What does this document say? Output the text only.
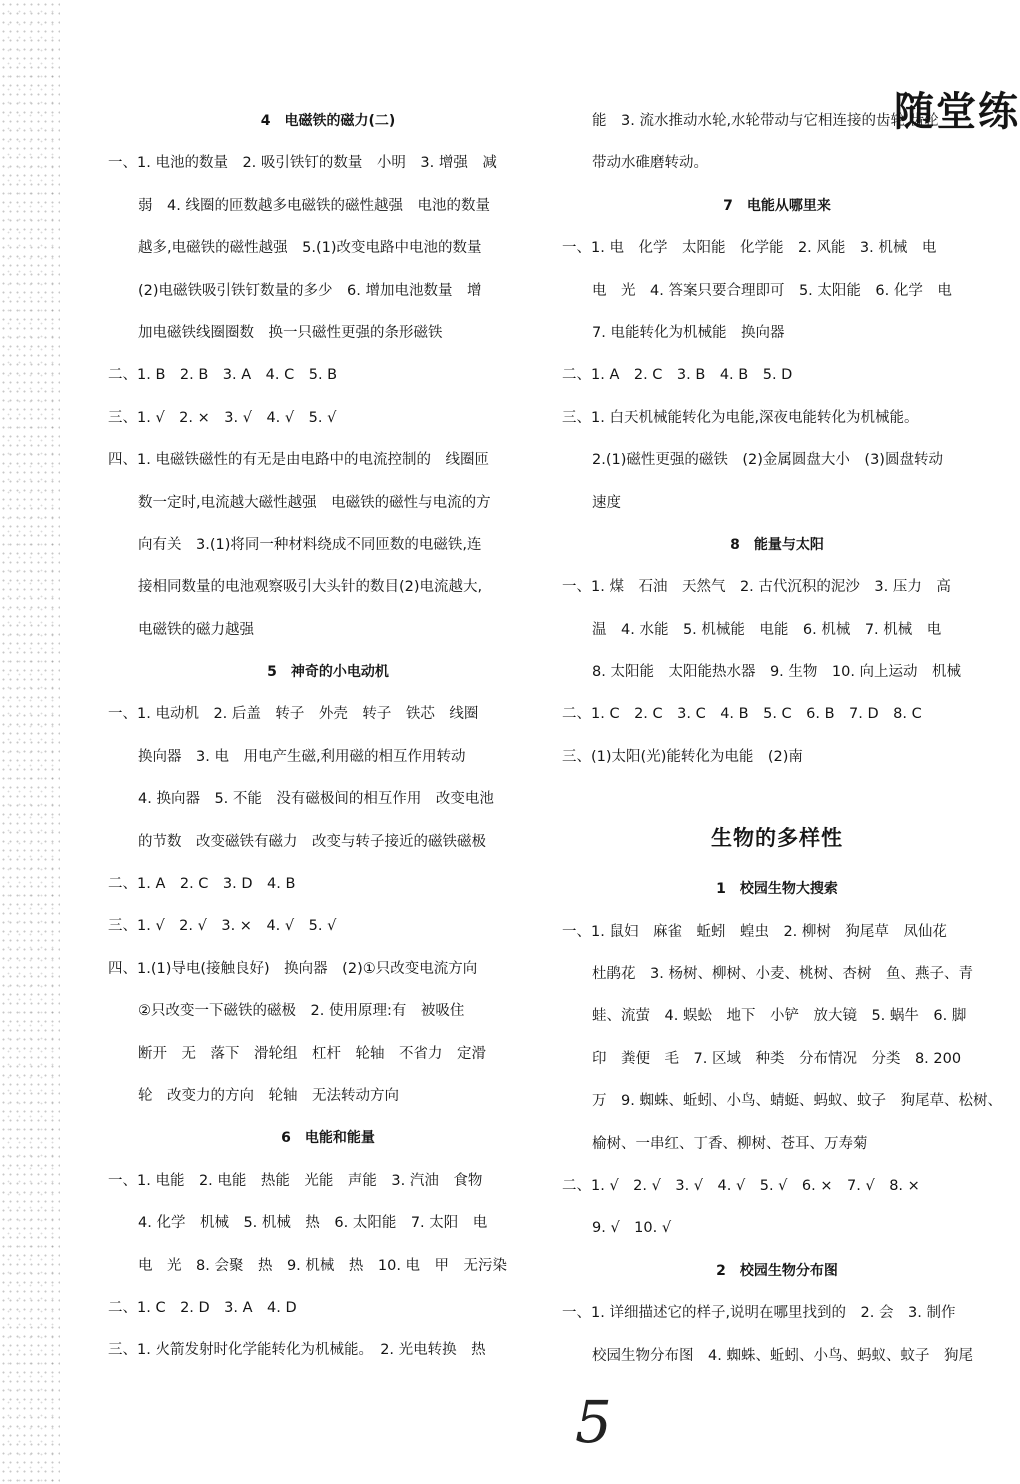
随堂练
4　电磁铁的磁力(二)
一、1. 电池的数量　2. 吸引铁钉的数量　小明　3. 增强　减
弱　4. 线圈的匝数越多电磁铁的磁性越强　电池的数量
越多,电磁铁的磁性越强　5.(1)改变电路中电池的数量
(2)电磁铁吸引铁钉数量的多少　6. 增加电池数量　增
加电磁铁线圈圈数　换一只磁性更强的条形磁铁
二、1. B　2. B　3. A　4. C　5. B
三、1. √　2. ×　3. √　4. √　5. √
四、1. 电磁铁磁性的有无是由电路中的电流控制的　线圈匝
数一定时,电流越大磁性越强　电磁铁的磁性与电流的方
向有关　3.(1)将同一种材料绕成不同匝数的电磁铁,连
接相同数量的电池观察吸引大头针的数目(2)电流越大,
电磁铁的磁力越强
5　神奇的小电动机
一、1. 电动机　2. 后盖　转子　外壳　转子　铁芯　线圈
换向器　3. 电　用电产生磁,利用磁的相互作用转动
4. 换向器　5. 不能　没有磁极间的相互作用　改变电池
的节数　改变磁铁有磁力　改变与转子接近的磁铁磁极
二、1. A　2. C　3. D　4. B
三、1. √　2. √　3. ×　4. √　5. √
四、1.(1)导电(接触良好)　换向器　(2)①只改变电流方向
②只改变一下磁铁的磁极　2. 使用原理:有　被吸住
断开　无　落下　滑轮组　杠杆　轮轴　不省力　定滑
轮　改变力的方向　轮轴　无法转动方向
6　电能和能量
一、1. 电能　2. 电能　热能　光能　声能　3. 汽油　食物
4. 化学　机械　5. 机械　热　6. 太阳能　7. 太阳　电
电　光　8. 会聚　热　9. 机械　热　10. 电　甲　无污染
二、1. C　2. D　3. A　4. D
三、1. 火箭发射时化学能转化为机械能。　2. 光电转换　热
能　3. 流水推动水轮,水轮带动与它相连接的齿轮,齿轮
带动水碓磨转动。
7　电能从哪里来
一、1. 电　化学　太阳能　化学能　2. 风能　3. 机械　电
电　光　4. 答案只要合理即可　5. 太阳能　6. 化学　电
7. 电能转化为机械能　换向器
二、1. A　2. C　3. B　4. B　5. D
三、1. 白天机械能转化为电能,深夜电能转化为机械能。
2.(1)磁性更强的磁铁　(2)金属圆盘大小　(3)圆盘转动
速度
8　能量与太阳
一、1. 煤　石油　天然气　2. 古代沉积的泥沙　3. 压力　高
温　4. 水能　5. 机械能　电能　6. 机械　7. 机械　电
8. 太阳能　太阳能热水器　9. 生物　10. 向上运动　机械
二、1. C　2. C　3. C　4. B　5. C　6. B　7. D　8. C
三、(1)太阳(光)能转化为电能　(2)南
生物的多样性
1　校园生物大搜索
一、1. 鼠妇　麻雀　蚯蚓　蝗虫　2. 柳树　狗尾草　凤仙花
杜鹃花　3. 杨树、柳树、小麦、桃树、杏树　鱼、燕子、青
蛙、流萤　4. 蜈蚣　地下　小铲　放大镜　5. 蜗牛　6. 脚
印　粪便　毛　7. 区域　种类　分布情况　分类　8. 200
万　9. 蜘蛛、蚯蚓、小鸟、蜻蜓、蚂蚁、蚊子　狗尾草、松树、
榆树、一串红、丁香、柳树、苍耳、万寿菊
二、1. √　2. √　3. √　4. √　5. √　6. ×　7. √　8. ×
9. √　10. √
2　校园生物分布图
一、1. 详细描述它的样子,说明在哪里找到的　2. 会　3. 制作
校园生物分布图　4. 蜘蛛、蚯蚓、小鸟、蚂蚁、蚊子　狗尾
5
